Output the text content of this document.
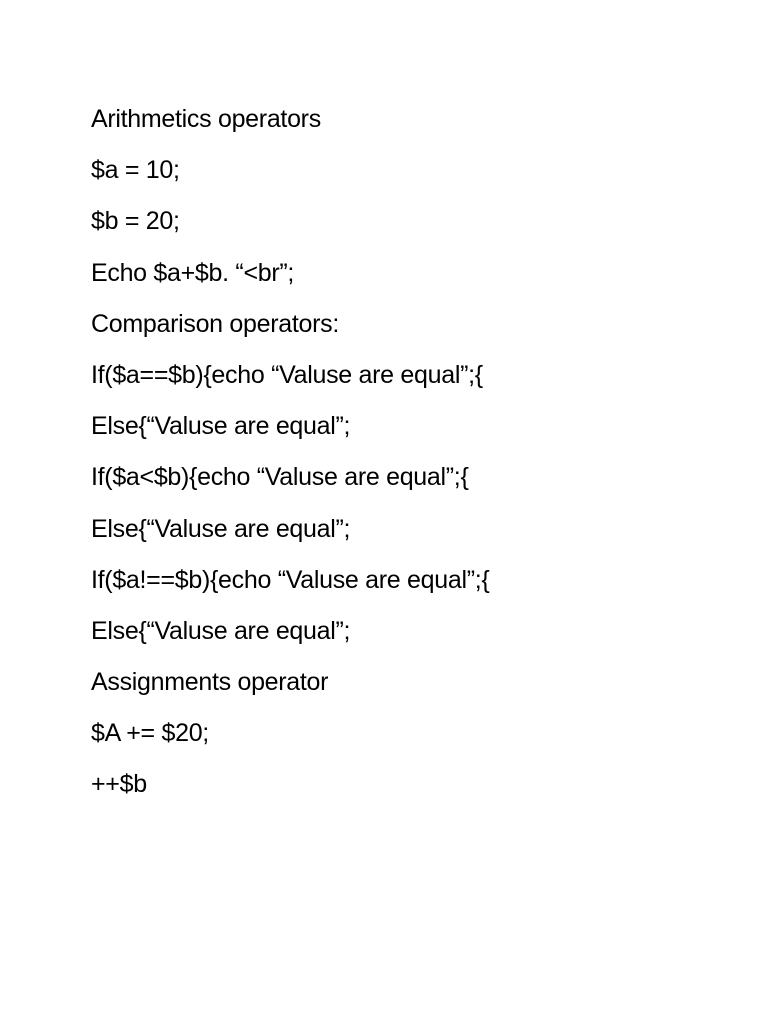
Arithmetics operators
$a = 10;
$b = 20;
Echo $a+$b. “<br”;
Comparison operators:
If($a==$b){echo “Valuse are equal”;{
Else{“Valuse are equal”;
If($a<$b){echo “Valuse are equal”;{
Else{“Valuse are equal”;
If($a!==$b){echo “Valuse are equal”;{
Else{“Valuse are equal”;
Assignments operator
$A += $20;
++$b
